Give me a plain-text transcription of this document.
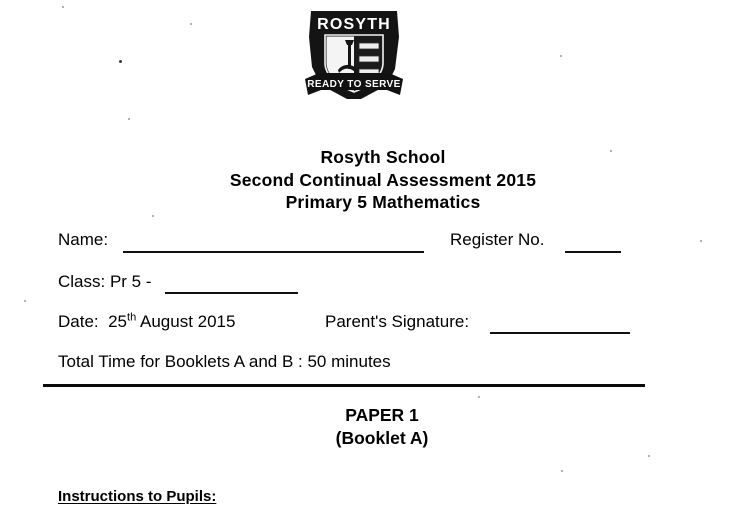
ROSYTH
READY TO SERVE
Rosyth School
Second Continual Assessment 2015
Primary 5 Mathematics
Name:	Register No.
Class: Pr 5 -
Date: 25th August 2015	Parent's Signature:
Total Time for Booklets A and B : 50 minutes
PAPER 1
(Booklet A)
Instructions to Pupils:
